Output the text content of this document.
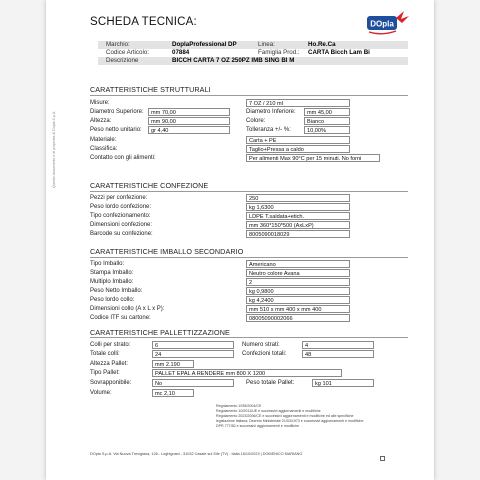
SCHEDA TECNICA:	DOpla
Marchio:	DoplaProfessional DP	Linea:	Ho.Re.Ca
Codice Articolo:	07884	Famiglia Prod.: CARTA Bicch Lam Bi
Descrizione	BICCH CARTA 7 OZ 250PZ IMB SING BI M
Questo documento e di proprieta di Dopla S.p.A.
CARATTERISTICHE STRUTTURALI
Misure:	7 OZ / 210 ml
Diametro Superiore:	mm 70,00	Diametro Inferiore:	mm 45,00
Altezza:	mm 90,00	Colore:	Bianco
Peso netto unitario:	gr 4,40	Tolleranza +/- %:	10,00%
Materiale:	Carta + PE
Classifica:	Taglio+Pressa a caldo
Contatto con gli alimenti:	Per alimenti Max 90°C per 15 minuti. No forni
CARATTERISTICHE CONFEZIONE
Pezzi per confezione:	250
Peso lordo confezione:	kg 1,6300
Tipo confezionamento:	LDPE T.saldata+etich.
Dimensioni confezione:	mm 360*150*500 (AxLxP)
Barcode su confezione:	8005090018029
CARATTERISTICHE IMBALLO SECONDARIO
Tipo Imballo:	Americano
Stampa Imballo:	Neutro colore Avana
Multiplo Imballo:	2
Peso Netto Imballo:	kg 0,9800
Peso lordo collo:	kg 4,2400
Dimensioni collo (A x L x P):	mm 510 x mm 400 x mm 400
Codice ITF su cartone:	08005090002066
CARATTERISTICHE PALLETTIZZAZIONE
Colli per strato:	6	Numero strati:	4
Totale colli:	24	Confezioni totali:	48
Altezza Pallet:	mm 2.190
Tipo Pallet:	PALLET EPAL A RENDERE mm 800 X 1200
Sovrapponibile:	No	Peso totale Pallet:	kg 101
Volume:	mc 2,10
Regolamento 1935/2004/CE
Regolamento 10/2011/UE e successivi aggiornamenti e modifiche
Regolamento 2023/2006/CE e successivi aggiornamenti e modifiche ed alle specifiche
legislazione italiana; Decreto Ministeriale 21/03/1973 e successivi aggiornamenti e modifiche
DPR 777/82 e successivi aggiornamenti e modifiche
DOpla S.p.A. Via Nuova Trevigiana, 126 - Loghignani - 31032 Casale sul Sile (TV) - Italia 16/10/2023 | DOMENICO MARIANO
